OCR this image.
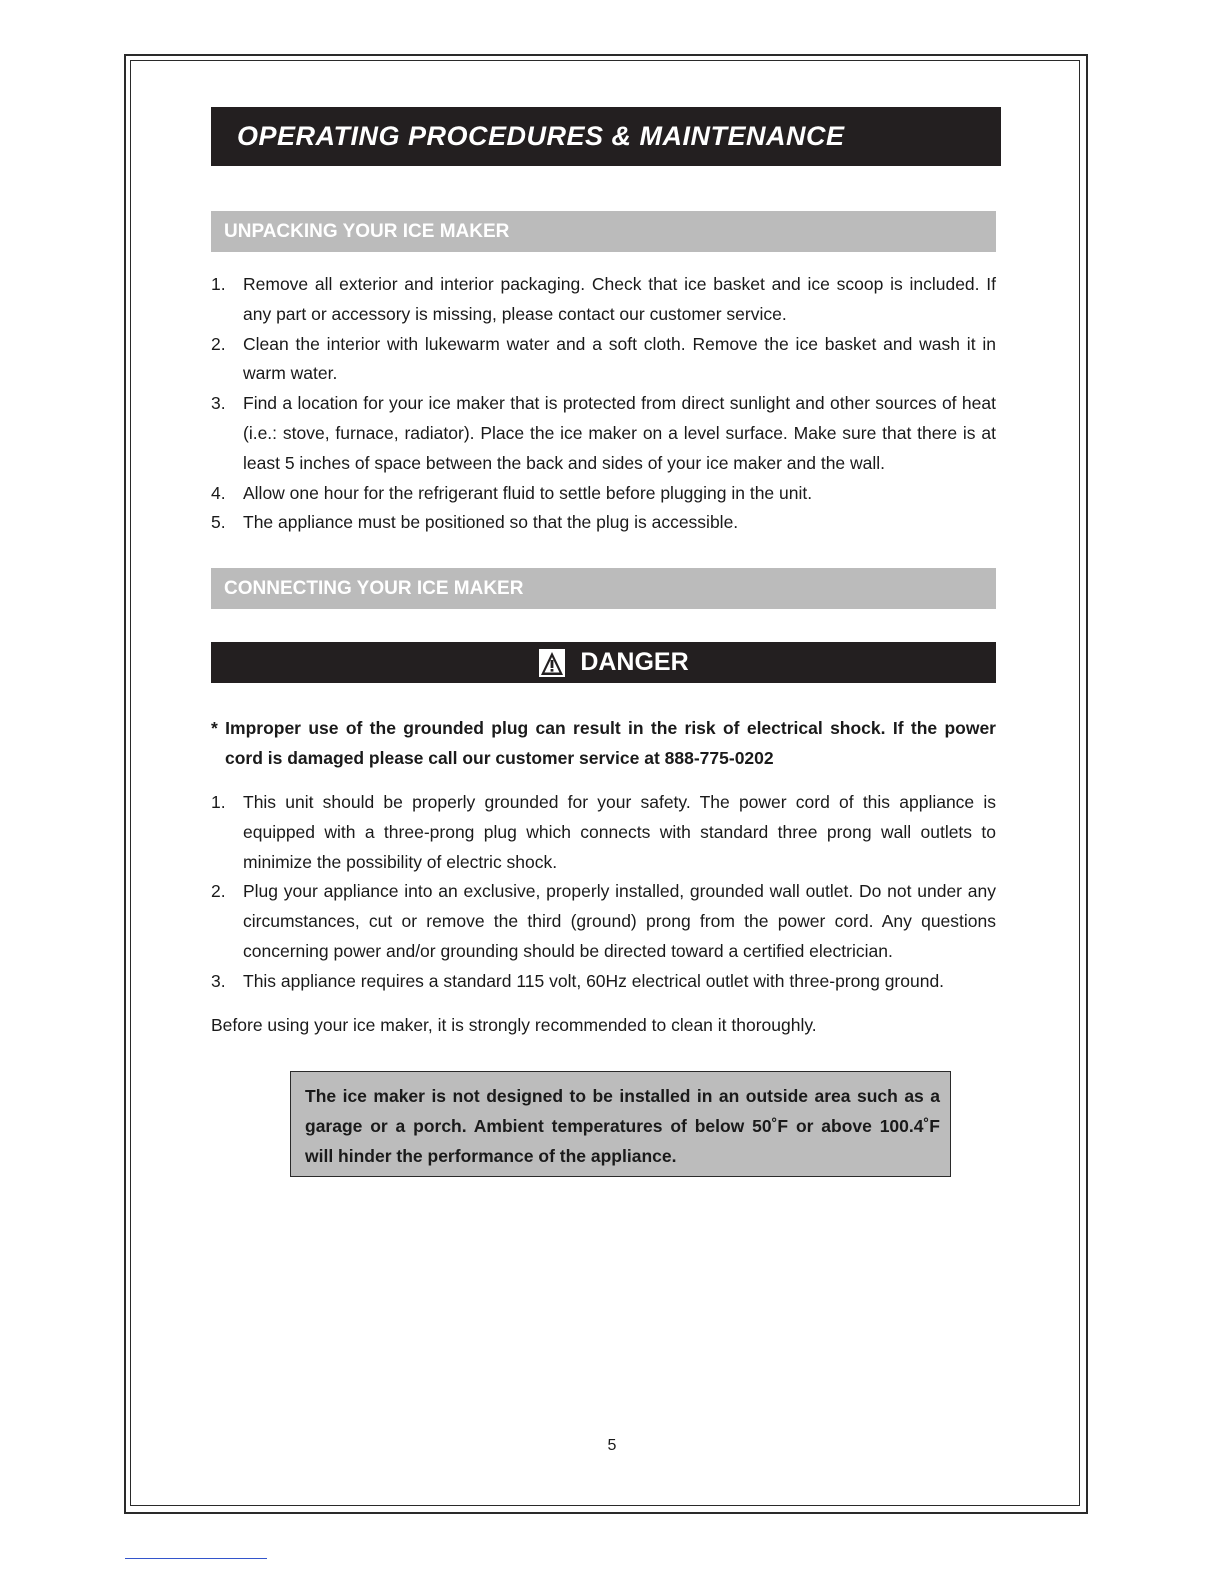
OPERATING PROCEDURES & MAINTENANCE
UNPACKING YOUR ICE MAKER
1. Remove all exterior and interior packaging. Check that ice basket and ice scoop is included. If any part or accessory is missing, please contact our customer service.
2. Clean the interior with lukewarm water and a soft cloth. Remove the ice basket and wash it in warm water.
3. Find a location for your ice maker that is protected from direct sunlight and other sources of heat (i.e.: stove, furnace, radiator). Place the ice maker on a level surface. Make sure that there is at least 5 inches of space between the back and sides of your ice maker and the wall.
4. Allow one hour for the refrigerant fluid to settle before plugging in the unit.
5. The appliance must be positioned so that the plug is accessible.
CONNECTING YOUR ICE MAKER
DANGER
* Improper use of the grounded plug can result in the risk of electrical shock. If the power cord is damaged please call our customer service at 888-775-0202
1. This unit should be properly grounded for your safety. The power cord of this appliance is equipped with a three-prong plug which connects with standard three prong wall outlets to minimize the possibility of electric shock.
2. Plug your appliance into an exclusive, properly installed, grounded wall outlet. Do not under any circumstances, cut or remove the third (ground) prong from the power cord. Any questions concerning power and/or grounding should be directed toward a certified electrician.
3. This appliance requires a standard 115 volt, 60Hz electrical outlet with three-prong ground.
Before using your ice maker, it is strongly recommended to clean it thoroughly.
The ice maker is not designed to be installed in an outside area such as a garage or a porch. Ambient temperatures of below 50˚F or above 100.4˚F will hinder the performance of the appliance.
5
